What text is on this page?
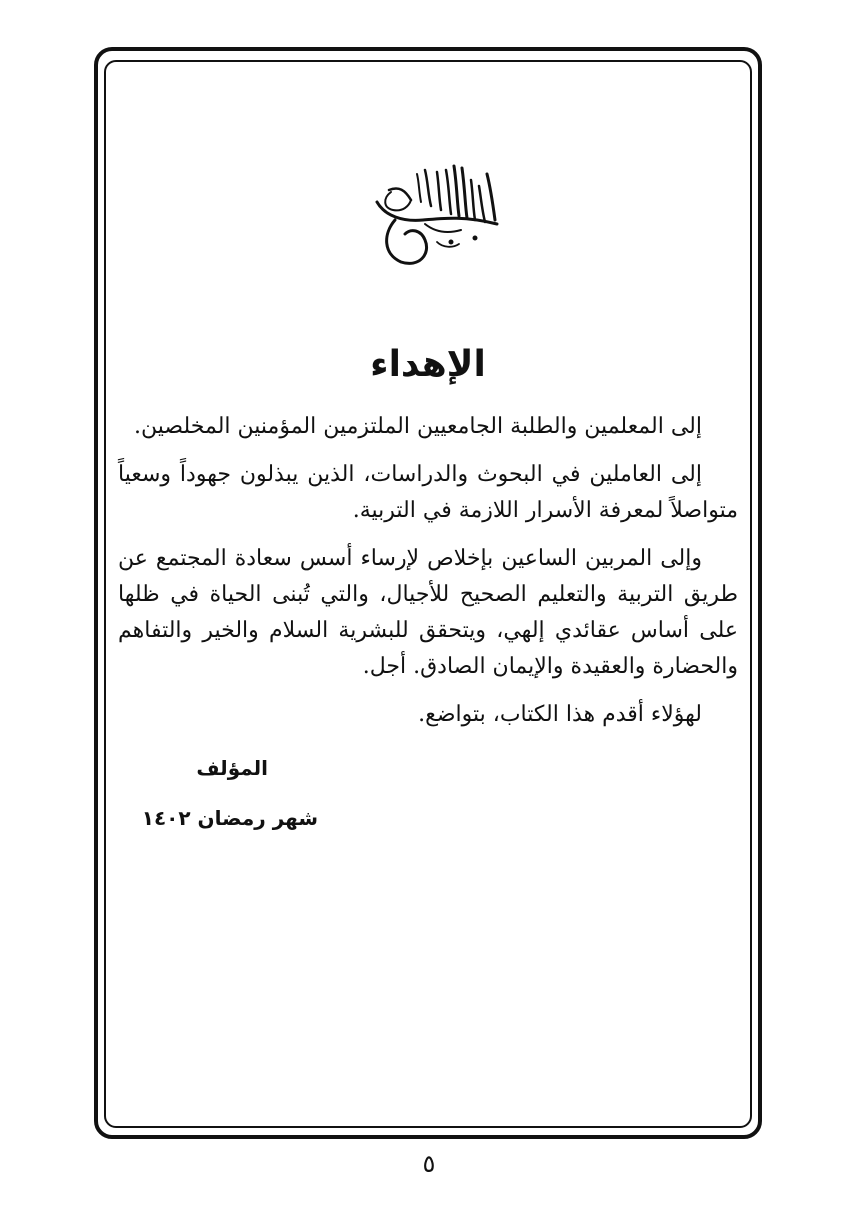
الإهداء

إلى المعلمين والطلبة الجامعيين الملتزمين المؤمنين المخلصين.

إلى العاملين في البحوث والدراسات، الذين يبذلون جهوداً وسعياً متواصلاً لمعرفة الأسرار اللازمة في التربية.

وإلى المربين الساعين بإخلاص لإرساء أسس سعادة المجتمع عن طريق التربية والتعليم الصحيح للأجيال، والتي تُبنى الحياة في ظلها على أساس عقائدي إلهي، ويتحقق للبشرية السلام والخير والتفاهم والحضارة والعقيدة والإيمان الصادق. أجل.

لهؤلاء أقدم هذا الكتاب، بتواضع.

المؤلف
شهر رمضان ١٤٠٢
٥
